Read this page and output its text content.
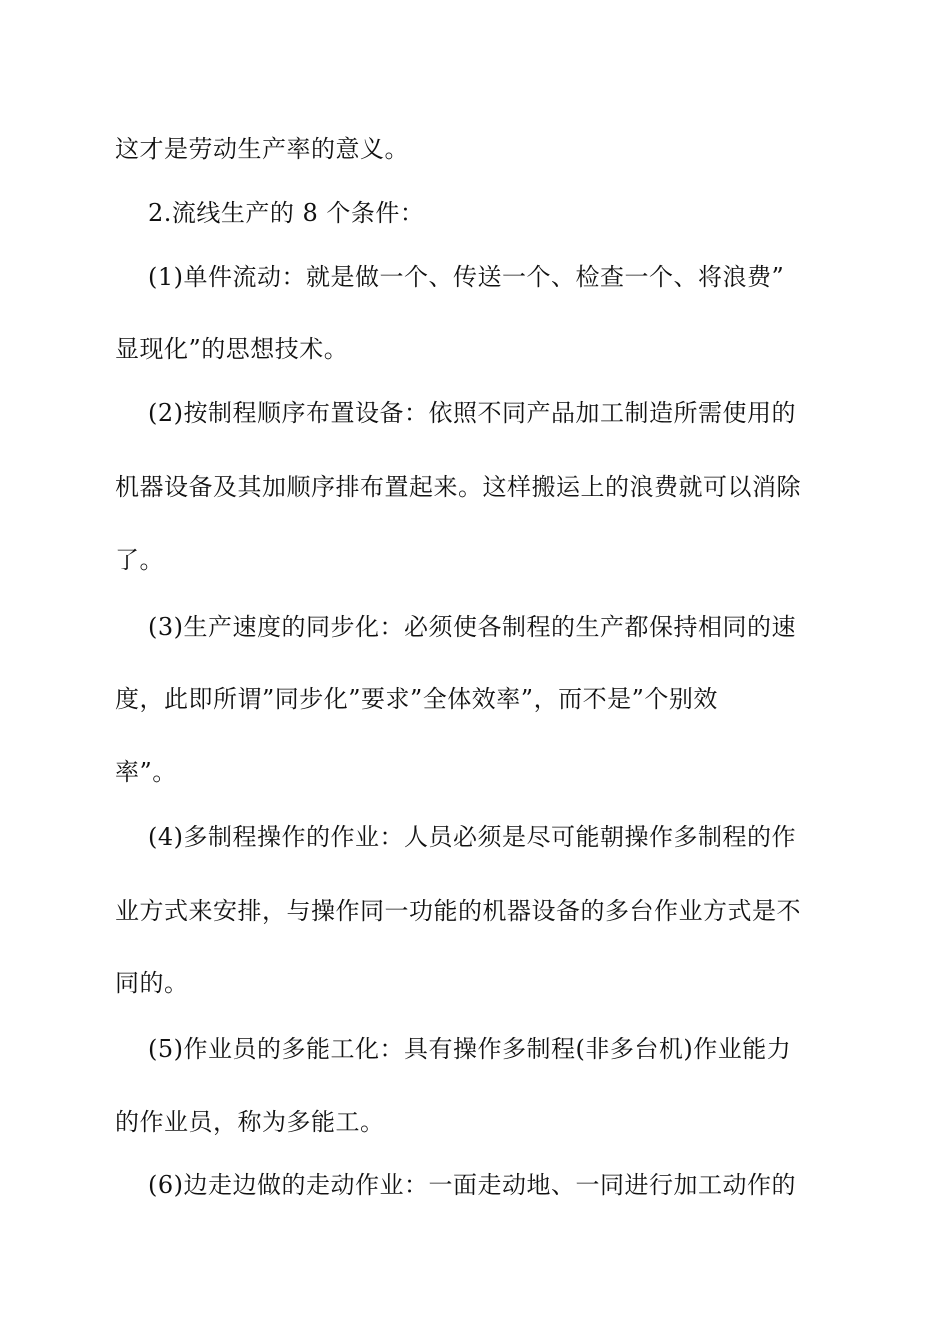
这才是劳动生产率的意义。
2.流线生产的 8 个条件：
(1)单件流动：就是做一个、传送一个、检查一个、将浪费”
显现化”的思想技术。
(2)按制程顺序布置设备：依照不同产品加工制造所需使用的
机器设备及其加顺序排布置起来。这样搬运上的浪费就可以消除
了。
(3)生产速度的同步化：必须使各制程的生产都保持相同的速
度，此即所谓”同步化”要求”全体效率”，而不是”个别效
率”。
(4)多制程操作的作业：人员必须是尽可能朝操作多制程的作
业方式来安排，与操作同一功能的机器设备的多台作业方式是不
同的。
(5)作业员的多能工化：具有操作多制程(非多台机)作业能力
的作业员，称为多能工。
(6)边走边做的走动作业：一面走动地、一同进行加工动作的
